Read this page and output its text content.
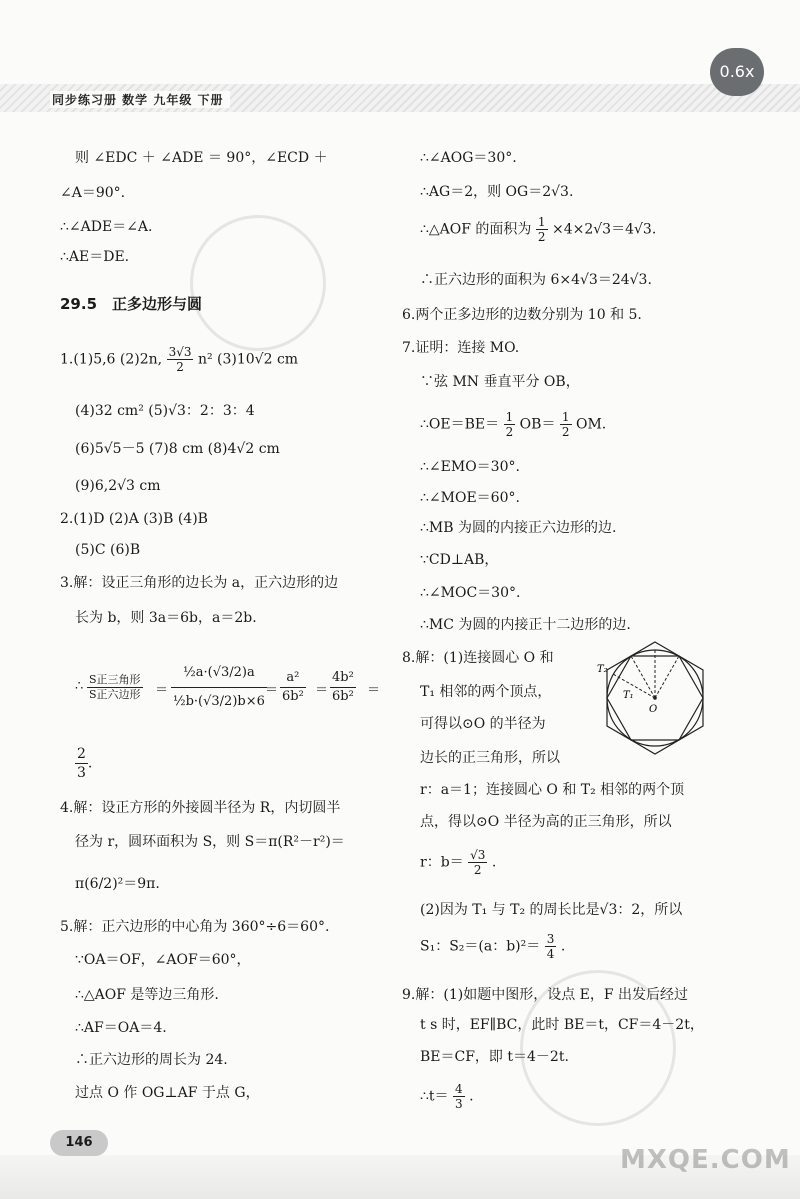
同步练习册 数学 九年级 下册
0.6x
则 ∠EDC ＋ ∠ADE ＝ 90°，∠ECD ＋
∠A＝90°.
∴∠ADE＝∠A.
∴AE＝DE.
29.5　正多边形与圆
1.(1)5,6 (2)2n, $\frac{3√3}{2} n^2$ (3)10√2 cm
(4)32 cm² (5)√3：2：3：4
(6)5√5－5 (7)8 cm (8)4√2 cm
(9)6,2√3 cm
2.(1)D (2)A (3)B (4)B
(5)C (6)B
3.解：设正三角形的边长为 a，正六边形的边
长为 b，则 3a＝6b，a＝2b.
∴ S正三角形
S正六边形 ＝ $\frac{\text{½a·(√3/2)a}}{\text{½b·(√3/2)b×6}}$
＝ $\frac{\text{a²}}{\text{6b²}} = \frac{\text{4b²}}{\text{6b²}}$ ＝
$\frac{2}{3}$ .
4.解：设正方形的外接圆半径为 R，内切圆半
径为 r，圆环面积为 S，则 S＝π(R²－r²)＝
π(6/2)²＝9π.
5.解：正六边形的中心角为 360°÷6＝60°.
∵OA＝OF，∠AOF＝60°，
∴△AOF 是等边三角形.
∴AF＝OA＝4.
∴正六边形的周长为 24.
过点 O 作 OG⊥AF 于点 G，
∴∠AOG＝30°.
∴AG＝2，则 OG＝2√3.
∴△AOF 的面积为 $\frac{1}{2} \times 4\times 2√3=4√3$.
∴正六边形的面积为 6×4√3＝24√3.
6.两个正多边形的边数分别为 10 和 5.
7.证明：连接 MO.
∵弦 MN 垂直平分 OB，
∴OE＝BE＝ $\frac{1}{2} OB= \frac{1}{2}$ OM.
∴∠EMO＝30°.
∴∠MOE＝60°.
∴MB 为圆的内接正六边形的边.
∵CD⊥AB，
∴∠MOC＝30°.
∴MC 为圆的内接正十二边形的边.
8.解：(1)连接圆心 O 和
T₁ 相邻的两个顶点，
可得以⊙O 的半径为
边长的正三角形，所以
r：a＝1；连接圆心 O 和 T₂ 相邻的两个顶
点，得以⊙O 半径为高的正三角形，所以
r：$b= \frac{√3}{2}$ .
(2)因为 T₁ 与 T₂ 的周长比是√3：2，所以
S₁：S₂＝(a：$b)^2= \frac{3}{4}$ .
9.解：(1)如题中图形，设点 E，F 出发后经过
t s 时，EF∥BC，此时 BE＝t，CF＝4－2t，
BE＝CF，即 t＝4－2t.
∴t＝ $\frac{4}{3}$ .
T₂
T₁
O
146
MXQE.COM
